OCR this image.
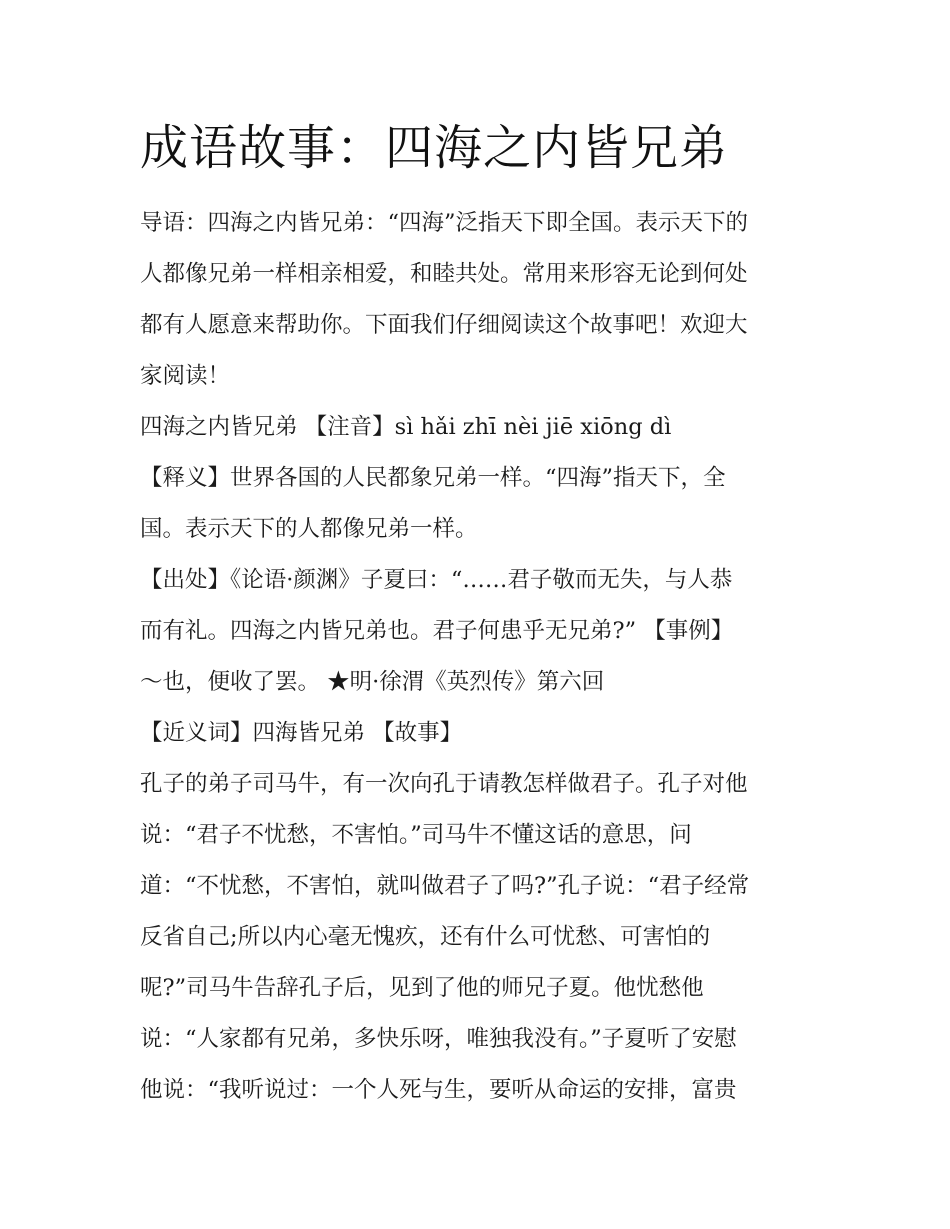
成语故事：四海之内皆兄弟
导语：四海之内皆兄弟：“四海”泛指天下即全国。表示天下的
人都像兄弟一样相亲相爱，和睦共处。常用来形容无论到何处
都有人愿意来帮助你。下面我们仔细阅读这个故事吧！欢迎大
家阅读！
四海之内皆兄弟 【注音】sì hǎi zhī nèi jiē xiōng dì
【释义】世界各国的人民都象兄弟一样。“四海”指天下，全
国。表示天下的人都像兄弟一样。
【出处】《论语·颜渊》子夏曰：“……君子敬而无失，与人恭
而有礼。四海之内皆兄弟也。君子何患乎无兄弟?” 【事例】
～也，便收了罢。 ★明·徐渭《英烈传》第六回
【近义词】四海皆兄弟 【故事】
孔子的弟子司马牛，有一次向孔于请教怎样做君子。孔子对他
说：“君子不忧愁，不害怕。”司马牛不懂这话的意思，问
道：“不忧愁，不害怕，就叫做君子了吗?”孔子说：“君子经常
反省自己;所以内心毫无愧疚，还有什么可忧愁、可害怕的
呢?”司马牛告辞孔子后，见到了他的师兄子夏。他忧愁他
说：“人家都有兄弟，多快乐呀，唯独我没有。”子夏听了安慰
他说：“我听说过：一个人死与生，要听从命运的安排，富贵
